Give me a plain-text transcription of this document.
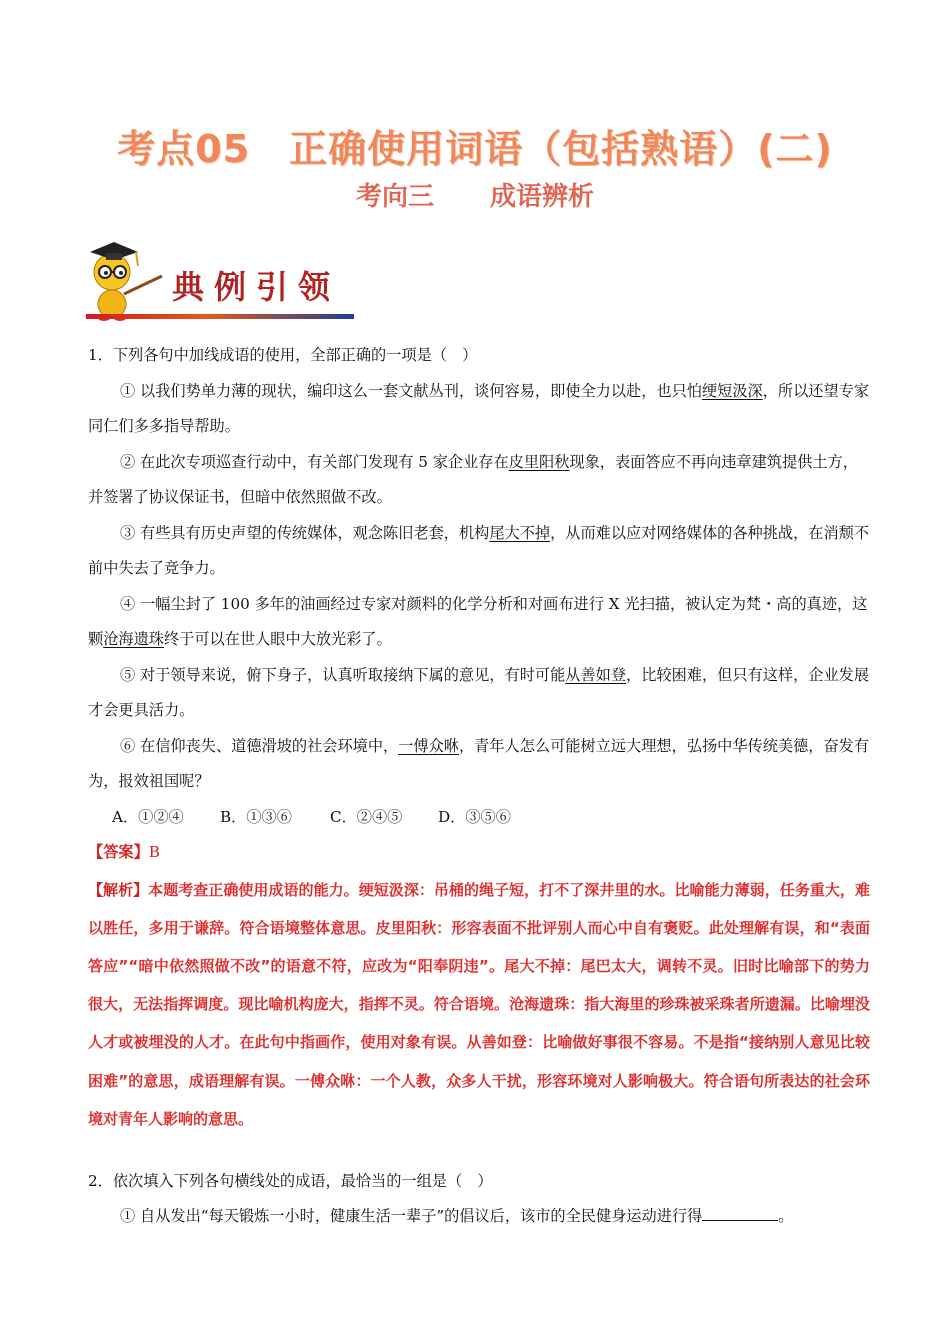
考点05　正确使用词语（包括熟语）(二)
考向三 成语辨析
典例引领

1．下列各句中加线成语的使用，全部正确的一项是（　）

① 以我们势单力薄的现状，编印这么一套文献丛刊，谈何容易，即使全力以赴，也只怕绠短汲深，所以还望专家同仁们多多指导帮助。

② 在此次专项巡查行动中，有关部门发现有 5 家企业存在皮里阳秋现象，表面答应不再向违章建筑提供土方，并签署了协议保证书，但暗中依然照做不改。

③ 有些具有历史声望的传统媒体，观念陈旧老套，机构尾大不掉，从而难以应对网络媒体的各种挑战，在消颓不前中失去了竞争力。

④ 一幅尘封了 100 多年的油画经过专家对颜料的化学分析和对画布进行 X 光扫描，被认定为梵・高的真迹，这颗沧海遗珠终于可以在世人眼中大放光彩了。

⑤ 对于领导来说，俯下身子，认真听取接纳下属的意见，有时可能从善如登，比较困难，但只有这样，企业发展才会更具活力。

⑥ 在信仰丧失、道德滑坡的社会环境中，一傅众咻，青年人怎么可能树立远大理想，弘扬中华传统美德，奋发有为，报效祖国呢？

A．①②④ B．①③⑥	C．②④⑤ D．③⑤⑥

【答案】B

【解析】本题考查正确使用成语的能力。绠短汲深：吊桶的绳子短，打不了深井里的水。比喻能力薄弱，任务重大，难以胜任，多用于谦辞。符合语境整体意思。皮里阳秋：形容表面不批评别人而心中自有褒贬。此处理解有误，和“表面答应”“暗中依然照做不改”的语意不符，应改为“阳奉阴违”。尾大不掉：尾巴太大，调转不灵。旧时比喻部下的势力很大，无法指挥调度。现比喻机构庞大，指挥不灵。符合语境。沧海遗珠：指大海里的珍珠被采珠者所遗漏。比喻埋没人才或被埋没的人才。在此句中指画作，使用对象有误。从善如登：比喻做好事很不容易。不是指“接纳别人意见比较困难”的意思，成语理解有误。一傅众咻：一个人教，众多人干扰，形容环境对人影响极大。符合语句所表达的社会环境对青年人影响的意思。

2．依次填入下列各句横线处的成语，最恰当的一组是（　）

① 自从发出“每天锻炼一小时，健康生活一辈子”的倡议后，该市的全民健身运动进行得	。
